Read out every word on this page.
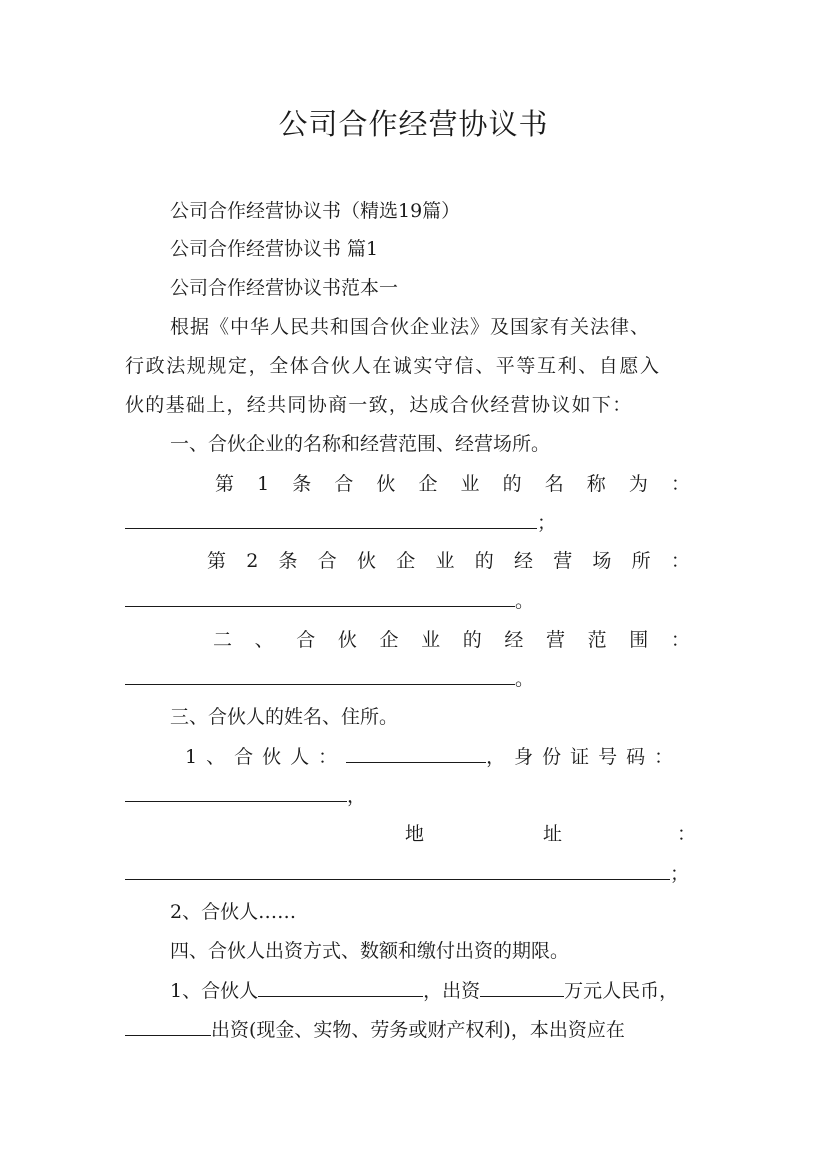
公司合作经营协议书

公司合作经营协议书（精选19篇）

公司合作经营协议书 篇1

公司合作经营协议书范本一

根据《中华人民共和国合伙企业法》及国家有关法律、

行政法规规定，全体合伙人在诚实守信、平等互利、自愿入

伙的基础上，经共同协商一致，达成合伙经营协议如下：

一、合伙企业的名称和经营范围、经营场所。

第 1 条 合 伙 企 业 的 名 称 为 ：

；

第 2 条 合 伙 企 业 的 经 营 场 所 ：

。

二 、 合 伙 企 业 的 经 营 范 围 ：

。

三、合伙人的姓名、住所。

1、合伙人：	，身份证号码：

，

地	址	：

；

2、合伙人……

四、合伙人出资方式、数额和缴付出资的期限。

1、合伙人	，出资	万元人民币，

出资(现金、实物、劳务或财产权利)，本出资应在
